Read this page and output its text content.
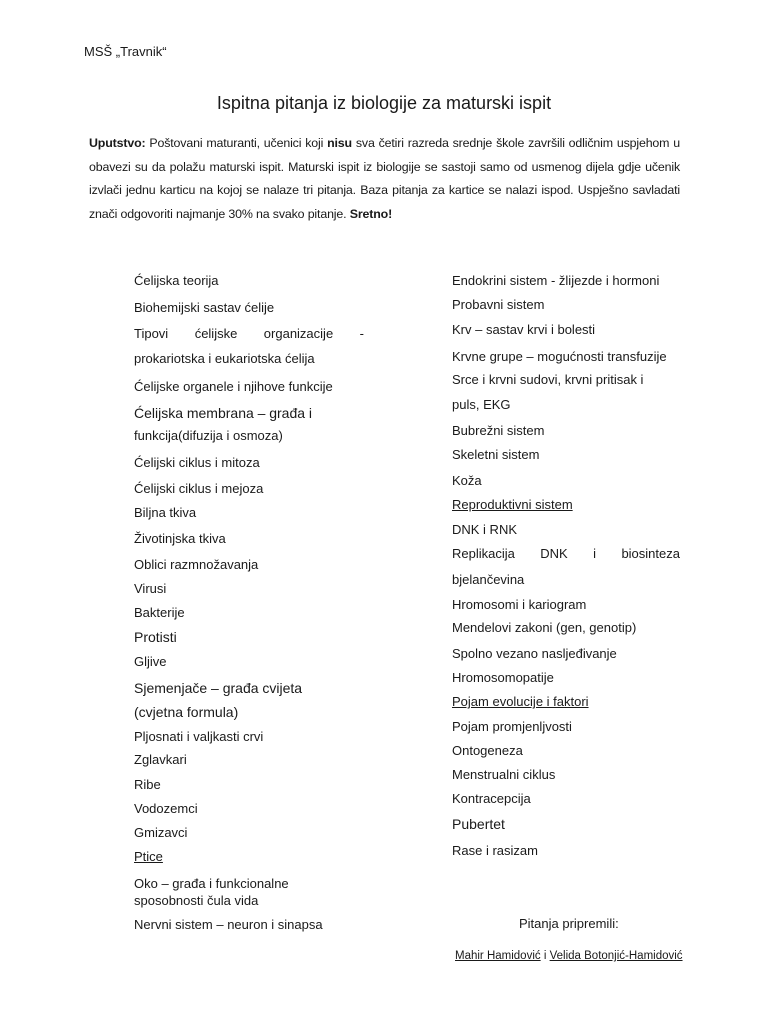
MSŠ „Travnik“
Ispitna pitanja iz biologije za maturski ispit
Uputstvo: Poštovani maturanti, učenici koji nisu sva četiri razreda srednje škole završili odličnim uspjehom u obavezi su da polažu maturski ispit. Maturski ispit iz biologije se sastoji samo od usmenog dijela gdje učenik izvlači jednu karticu na kojoj se nalaze tri pitanja. Baza pitanja za kartice se nalazi ispod. Uspješno savladati znači odgovoriti najmanje 30% na svako pitanje. Sretno!
Ćelijska teorija
Biohemijski sastav ćelije
Tipovi ćelijske organizacije -
prokariotska i eukariotska ćelija
Ćelijske organele i njihove funkcije
Ćelijska membrana – građa i
funkcija(difuzija i osmoza)
Ćelijski ciklus i mitoza
Ćelijski ciklus i mejoza
Biljna tkiva
Životinjska tkiva
Oblici razmnožavanja
Virusi
Bakterije
Protisti
Gljive
Sjemenjače – građa cvijeta
(cvjetna formula)
Pljosnati i valjkasti crvi
Zglavkari
Ribe
Vodozemci
Gmizavci
Ptice
Oko – građa i funkcionalne sposobnosti čula vida
Nervni sistem – neuron i sinapsa
Endokrini sistem - žlijezde i hormoni
Probavni sistem
Krv – sastav krvi i bolesti
Krvne grupe – mogućnosti transfuzije
Srce i krvni sudovi, krvni pritisak i
puls, EKG
Bubrežni sistem
Skeletni sistem
Koža
Reproduktivni sistem
DNK i RNK
Replikacija DNK i biosinteza
bjelančevina
Hromosomi i kariogram
Mendelovi zakoni (gen, genotip)
Spolno vezano nasljeđivanje
Hromosomopatije
Pojam evolucije i faktori
Pojam promjenljvosti
Ontogeneza
Menstrualni ciklus
Kontracepcija
Pubertet
Rase i rasizam
Pitanja pripremili:
Mahir Hamidović i Velida Botonjić-Hamidović
